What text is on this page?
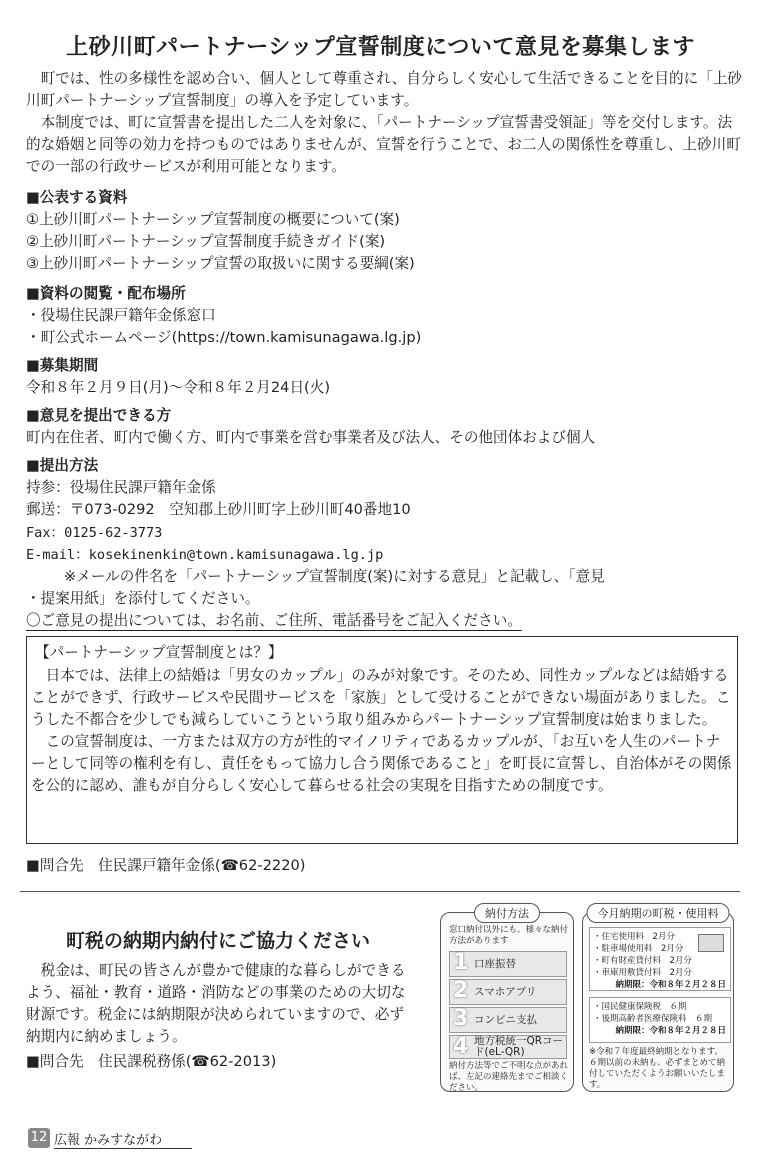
上砂川町パートナーシップ宣誓制度について意見を募集します

町では、性の多様性を認め合い、個人として尊重され、自分らしく安心して生活できることを目的に「上砂川町パートナーシップ宣誓制度」の導入を予定しています。

本制度では、町に宣誓書を提出した二人を対象に、「パートナーシップ宣誓書受領証」等を交付します。法的な婚姻と同等の効力を持つものではありませんが、宣誓を行うことで、お二人の関係性を尊重し、上砂川町での一部の行政サービスが利用可能となります。

■公表する資料
①上砂川町パートナーシップ宣誓制度の概要について(案)
②上砂川町パートナーシップ宣誓制度手続きガイド(案)
③上砂川町パートナーシップ宣誓の取扱いに関する要綱(案)
■資料の閲覧・配布場所
・役場住民課戸籍年金係窓口
・町公式ホームページ(https://town.kamisunagawa.lg.jp)
■募集期間
令和８年２月９日(月)～令和８年２月24日(火)
■意見を提出できる方
町内在住者、町内で働く方、町内で事業を営む事業者及び法人、その他団体および個人
■提出方法
持参：役場住民課戸籍年金係
郵送：〒073-0292　空知郡上砂川町字上砂川町40番地10
Fax：0125-62-3773
E-mail：kosekinenkin@town.kamisunagawa.lg.jp
※メールの件名を「パートナーシップ宣誓制度(案)に対する意見」と記載し、「意見
・提案用紙」を添付してください。
〇ご意見の提出については、お名前、ご住所、電話番号をご記入ください。
【パートナーシップ宣誓制度とは？】

日本では、法律上の結婚は「男女のカップル」のみが対象です。そのため、同性カップルなどは結婚することができず、行政サービスや民間サービスを「家族」として受けることができない場面がありました。こうした不都合を少しでも減らしていこうという取り組みからパートナーシップ宣誓制度は始まりました。

この宣誓制度は、一方または双方の方が性的マイノリティであるカップルが、「お互いを人生のパートナーとして同等の権利を有し、責任をもって協力し合う関係であること」を町長に宣誓し、自治体がその関係を公的に認め、誰もが自分らしく安心して暮らせる社会の実現を目指すための制度です。

■問合先　住民課戸籍年金係(☎62-2220)
町税の納期内納付にご協力ください

税金は、町民の皆さんが豊かで健康的な暮らしができるよう、福祉・教育・道路・消防などの事業のための大切な財源です。税金には納期限が決められていますので、必ず納期内に納めましょう。

■問合先　住民課税務係(☎62-2013)
納付方法
窓口納付以外にも、様々な納付方法があります
1 口座振替
2 スマホアプリ
3 コンビニ支払
4 地方税統一QRコード(eL-QR)
納付方法等でご不明な点があれば、左記の連絡先までご相談ください。
今月納期の町税・使用料
・住宅使用料　2月分
・駐車場使用料　2月分
・町有財産貸付料　2月分
・車庫用敷貸付料　2月分
納期限：令和８年２月２８日
・国民健康保険税　６期
・後期高齢者医療保険料　６期
納期限：令和８年２月２８日
※令和７年度最終納期となります。６期以前の未納も、必ずまとめて納付していただくようお願いいたします。
12 広報 かみすながわ
